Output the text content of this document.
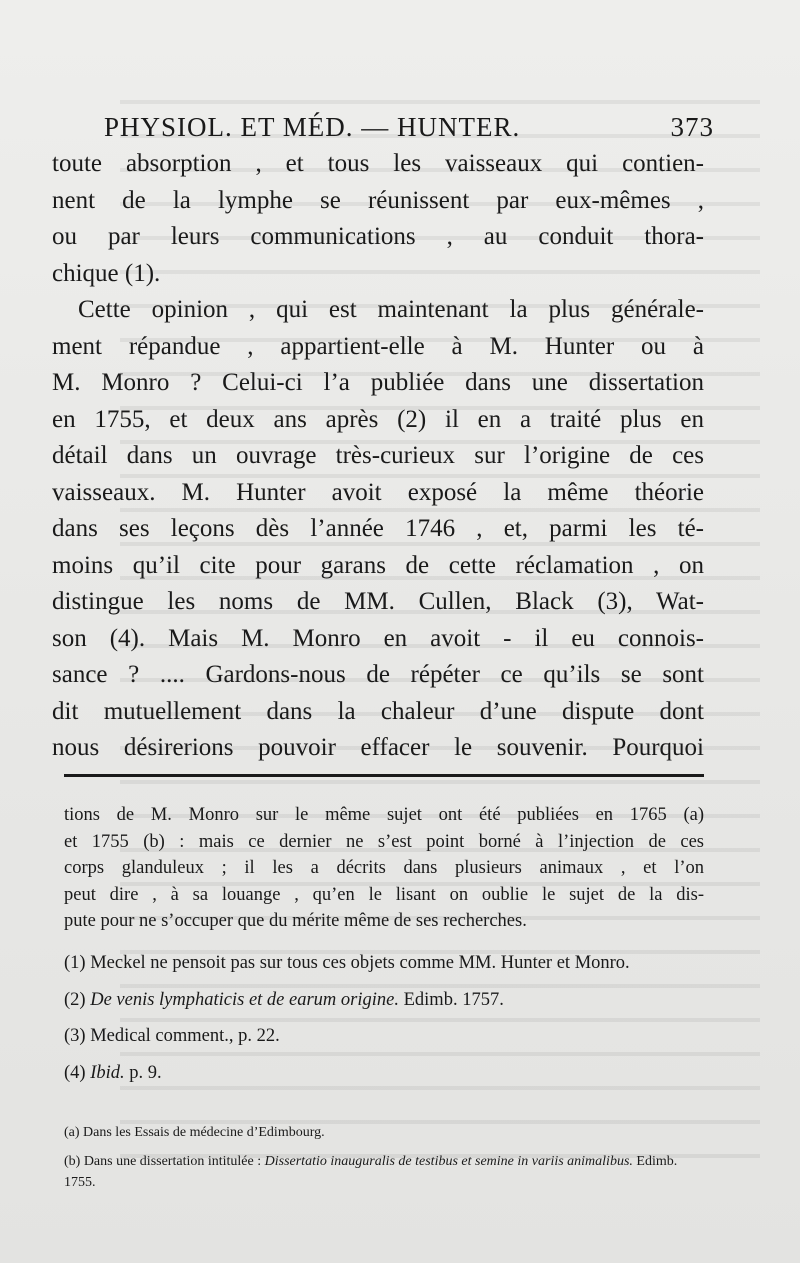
PHYSIOL. ET MÉD. — HUNTER.	373
toute absorption , et tous les vaisseaux qui contien-
nent de la lymphe se réunissent par eux-mêmes ,
ou par leurs communications , au conduit thora-
chique (1).
Cette opinion , qui est maintenant la plus générale-
ment répandue , appartient-elle à M. Hunter ou à
M. Monro ? Celui-ci l’a publiée dans une dissertation
en 1755, et deux ans après (2) il en a traité plus en
détail dans un ouvrage très-curieux sur l’origine de ces
vaisseaux. M. Hunter avoit exposé la même théorie
dans ses leçons dès l’année 1746 , et, parmi les té-
moins qu’il cite pour garans de cette réclamation , on
distingue les noms de MM. Cullen, Black (3), Wat-
son (4). Mais M. Monro en avoit - il eu connois-
sance ? .... Gardons-nous de répéter ce qu’ils se sont
dit mutuellement dans la chaleur d’une dispute dont
nous désirerions pouvoir effacer le souvenir. Pourquoi
tions de M. Monro sur le même sujet ont été publiées en 1765 (a)
et 1755 (b) : mais ce dernier ne s’est point borné à l’injection de ces
corps glanduleux ; il les a décrits dans plusieurs animaux , et l’on
peut dire , à sa louange , qu’en le lisant on oublie le sujet de la dis-
pute pour ne s’occuper que du mérite même de ses recherches.
(1) Meckel ne pensoit pas sur tous ces objets comme MM. Hunter et Monro.
(2) De venis lymphaticis et de earum origine. Edimb. 1757.
(3) Medical comment., p. 22.
(4) Ibid. p. 9.
(a) Dans les Essais de médecine d’Edimbourg.
(b) Dans une dissertation intitulée : Dissertatio inauguralis de testibus et semine in variis animalibus. Edimb. 1755.
